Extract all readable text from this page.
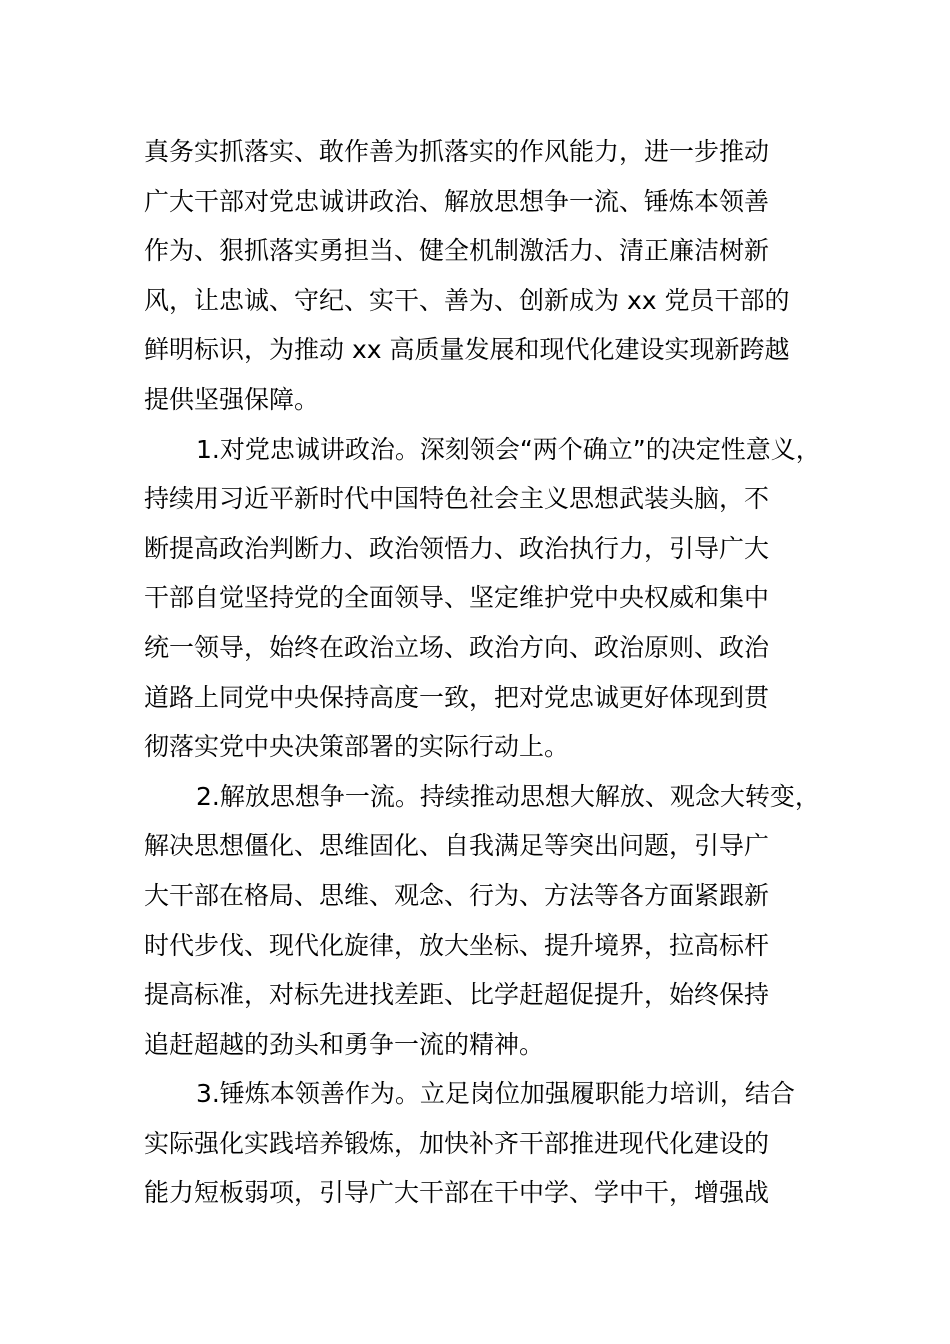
真务实抓落实、敢作善为抓落实的作风能力，进一步推动
广大干部对党忠诚讲政治、解放思想争一流、锤炼本领善
作为、狠抓落实勇担当、健全机制激活力、清正廉洁树新
风，让忠诚、守纪、实干、善为、创新成为 xx 党员干部的
鲜明标识，为推动 xx 高质量发展和现代化建设实现新跨越
提供坚强保障。
1.对党忠诚讲政治。深刻领会“两个确立”的决定性意义，
持续用习近平新时代中国特色社会主义思想武装头脑，不
断提高政治判断力、政治领悟力、政治执行力，引导广大
干部自觉坚持党的全面领导、坚定维护党中央权威和集中
统一领导，始终在政治立场、政治方向、政治原则、政治
道路上同党中央保持高度一致，把对党忠诚更好体现到贯
彻落实党中央决策部署的实际行动上。
2.解放思想争一流。持续推动思想大解放、观念大转变，
解决思想僵化、思维固化、自我满足等突出问题，引导广
大干部在格局、思维、观念、行为、方法等各方面紧跟新
时代步伐、现代化旋律，放大坐标、提升境界，拉高标杆
提高标准，对标先进找差距、比学赶超促提升，始终保持
追赶超越的劲头和勇争一流的精神。
3.锤炼本领善作为。立足岗位加强履职能力培训，结合
实际强化实践培养锻炼，加快补齐干部推进现代化建设的
能力短板弱项，引导广大干部在干中学、学中干，增强战
